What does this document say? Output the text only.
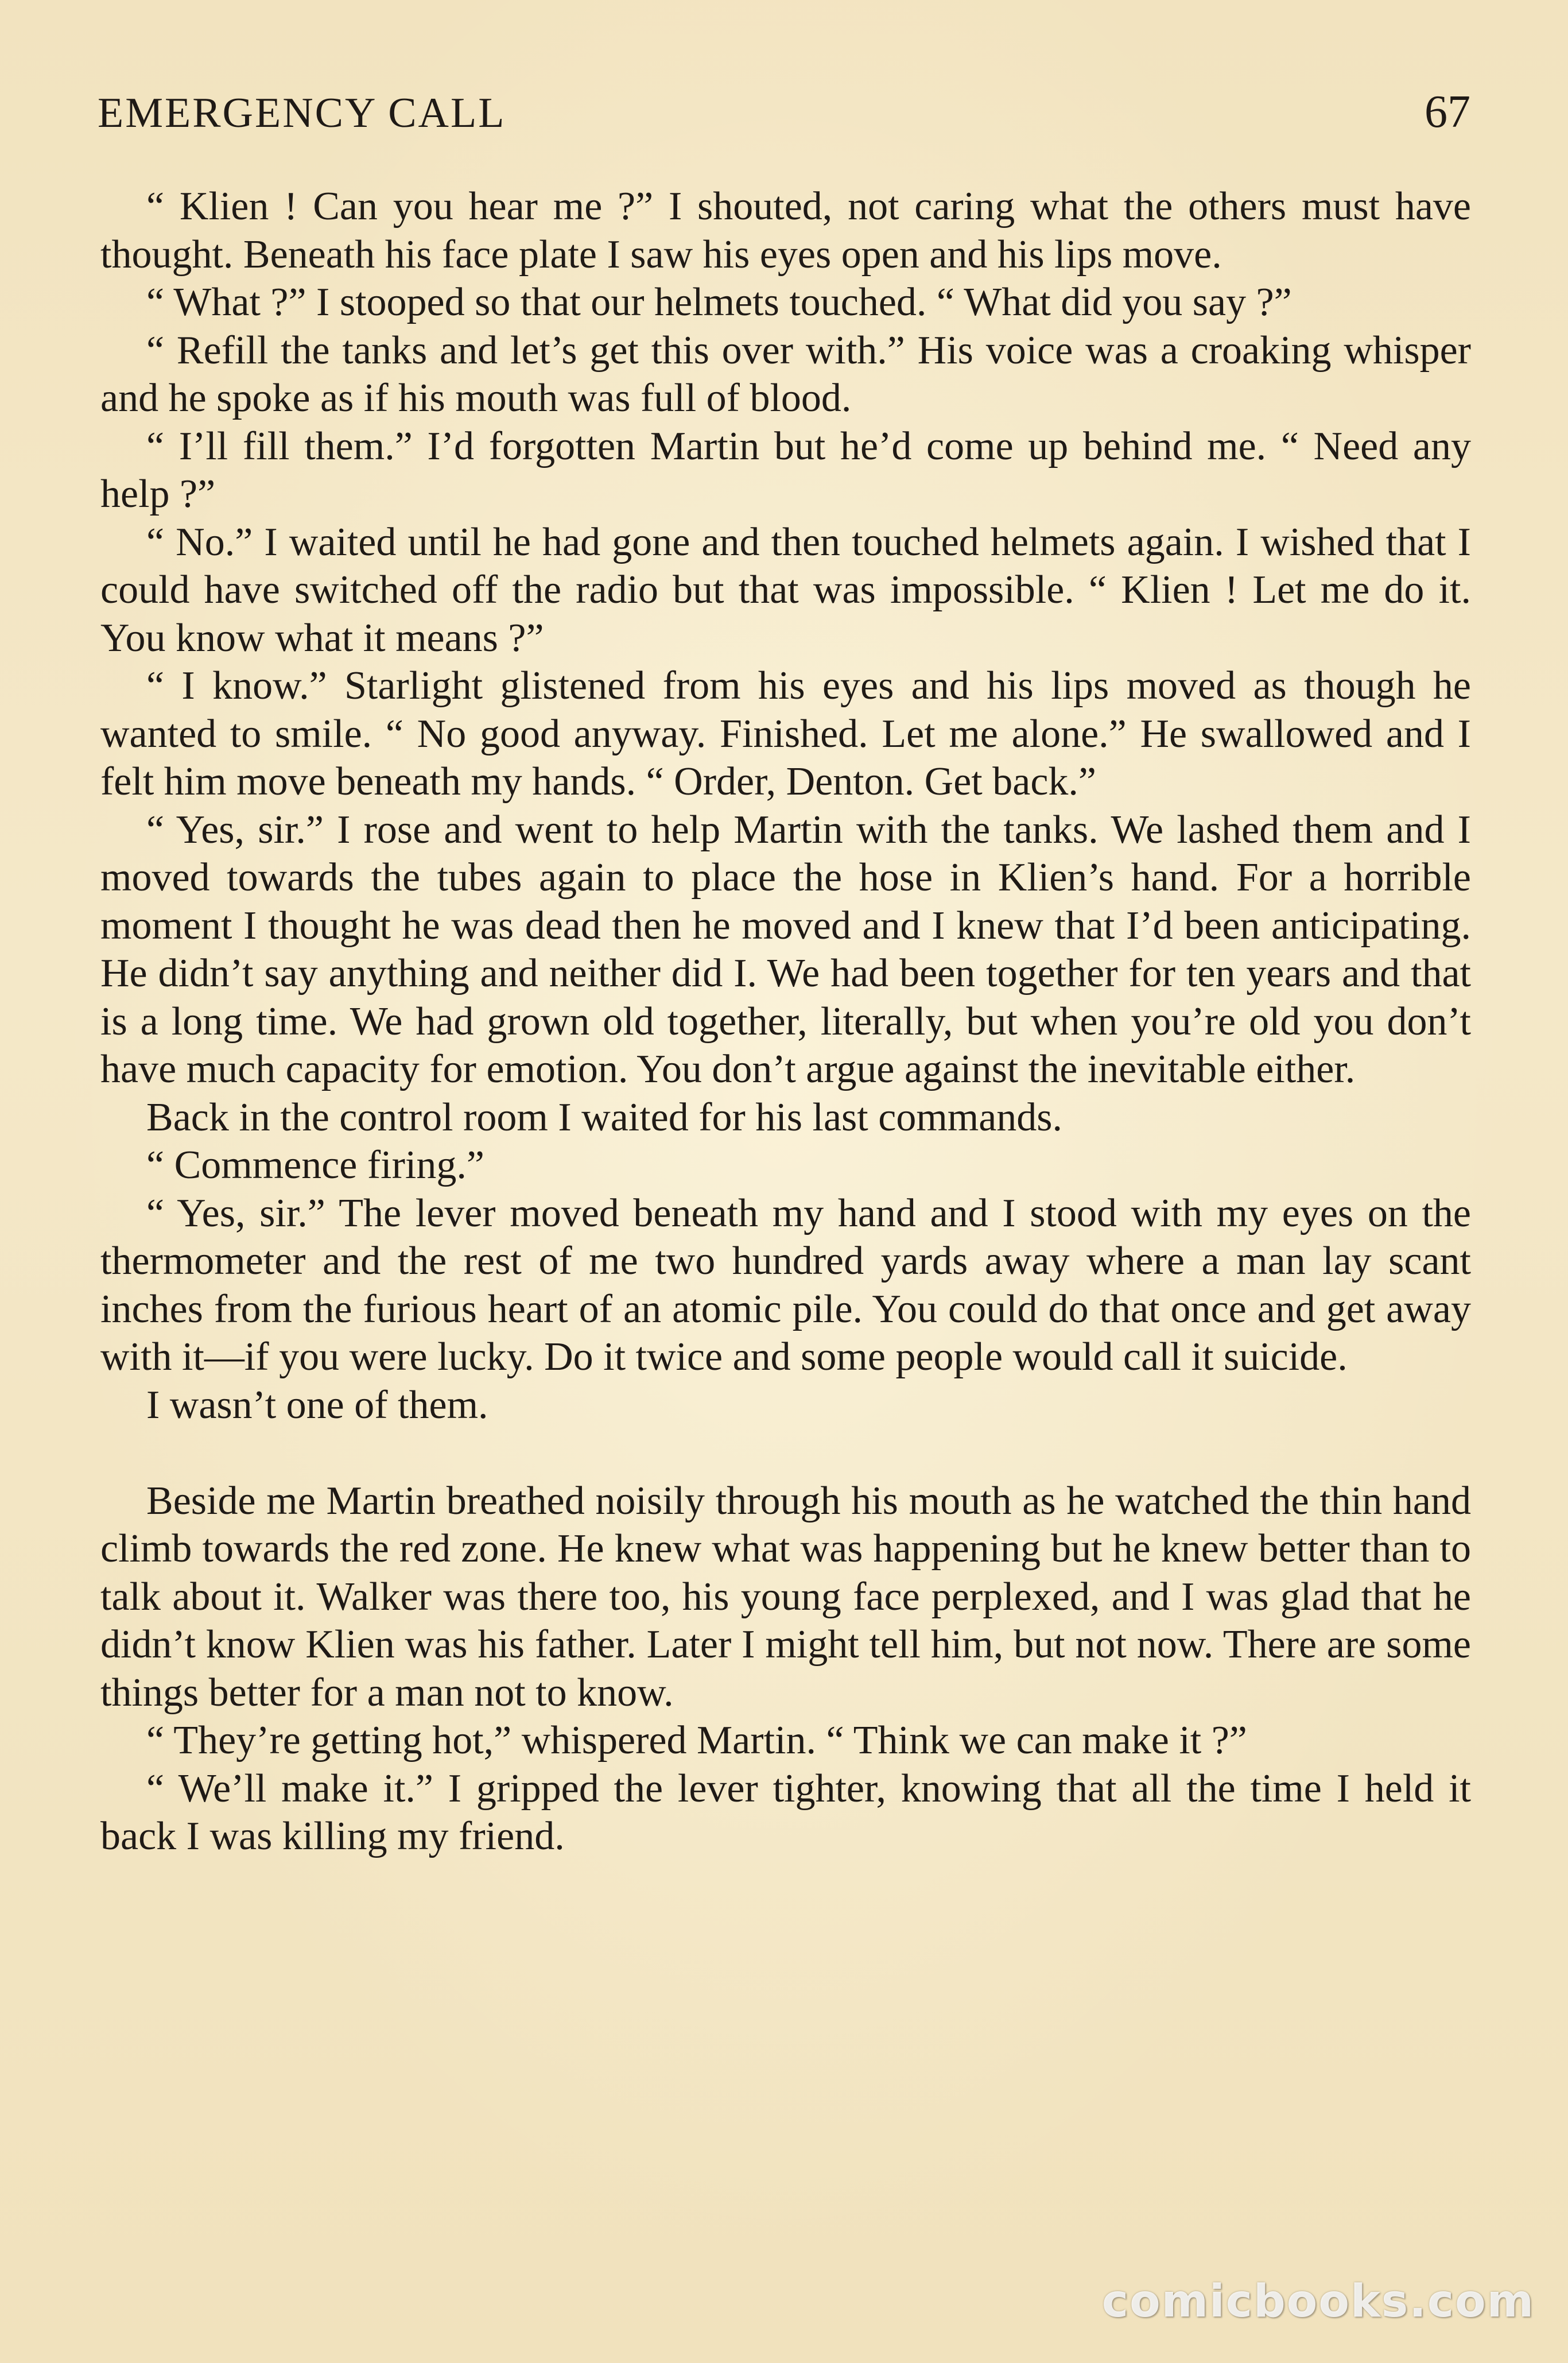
EMERGENCY CALL	67

“ Klien ! Can you hear me ?” I shouted, not caring what the others must have thought. Beneath his face plate I saw his eyes open and his lips move.

“ What ?” I stooped so that our helmets touched. “ What did you say ?”

“ Refill the tanks and let’s get this over with.” His voice was a croaking whisper and he spoke as if his mouth was full of blood.

“ I’ll fill them.” I’d forgotten Martin but he’d come up behind me. “ Need any help ?”

“ No.” I waited until he had gone and then touched helmets again. I wished that I could have switched off the radio but that was impossible. “ Klien ! Let me do it. You know what it means ?”

“ I know.” Starlight glistened from his eyes and his lips moved as though he wanted to smile. “ No good anyway. Finished. Let me alone.” He swallowed and I felt him move beneath my hands. “ Order, Denton. Get back.”

“ Yes, sir.” I rose and went to help Martin with the tanks. We lashed them and I moved towards the tubes again to place the hose in Klien’s hand. For a horrible moment I thought he was dead then he moved and I knew that I’d been anticipating. He didn’t say anything and neither did I. We had been together for ten years and that is a long time. We had grown old together, literally, but when you’re old you don’t have much capacity for emotion. You don’t argue against the inevitable either.

Back in the control room I waited for his last commands.

“ Commence firing.”

“ Yes, sir.” The lever moved beneath my hand and I stood with my eyes on the thermometer and the rest of me two hundred yards away where a man lay scant inches from the furious heart of an atomic pile. You could do that once and get away with it—if you were lucky. Do it twice and some people would call it suicide.

I wasn’t one of them.

Beside me Martin breathed noisily through his mouth as he watched the thin hand climb towards the red zone. He knew what was happening but he knew better than to talk about it. Walker was there too, his young face perplexed, and I was glad that he didn’t know Klien was his father. Later I might tell him, but not now. There are some things better for a man not to know.

“ They’re getting hot,” whispered Martin. “ Think we can make it ?”

“ We’ll make it.” I gripped the lever tighter, knowing that all the time I held it back I was killing my friend.

comicbooks.com
